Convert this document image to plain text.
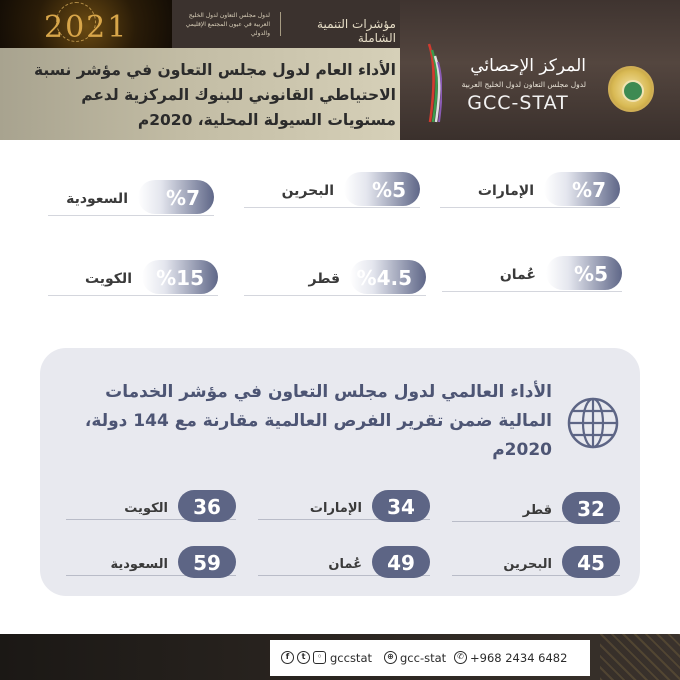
2021	لدول مجلس التعاون لدول الخليج العربية في عيون المجتمع الإقليمي والدولي
مؤشرات التنمية الشاملة
الأداء العام لدول مجلس التعاون في مؤشر نسبة الاحتياطي القانوني للبنوك المركزية لدعم مستويات السيولة المحلية، 2020م
المركز الإحصائي
لدول مجلس التعاون لدول الخليج العربية
GCC-STAT
%7
الإمارات
%5
البحرين
%7
السعودية
%5
عُمان
%4.5
قطر
%15
الكويت
الأداء العالمي لدول مجلس التعاون في مؤشر الخدمات المالية ضمن تقرير الفرص العالمية مقارنة مع 144 دولة، 2020م
32
قطر
34
الإمارات
36
الكويت
45
البحرين
49
عُمان
59
السعودية
f	t	◦ gccstat	⊕ gcc-stat	✆ +968 2434 6482
